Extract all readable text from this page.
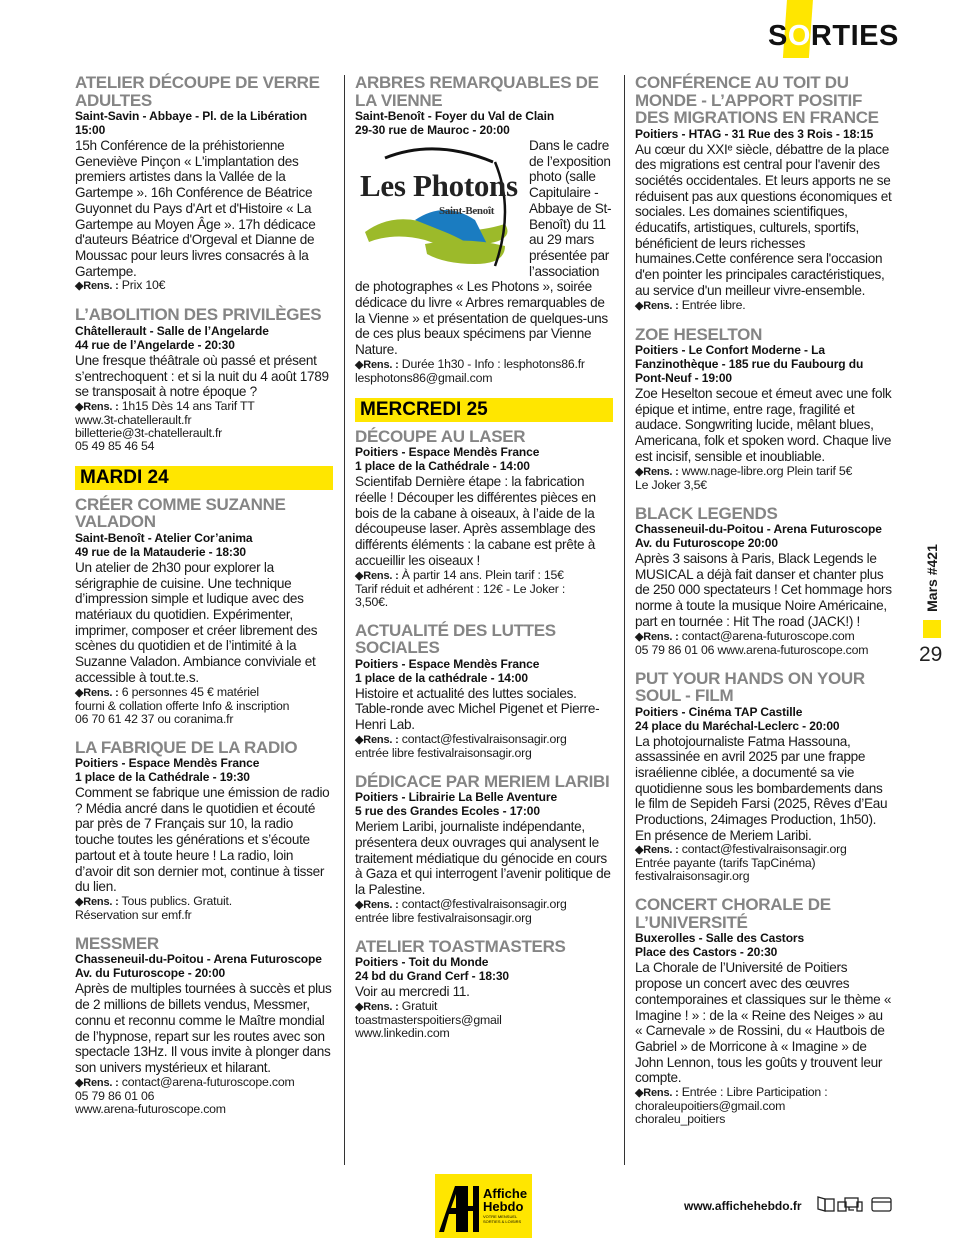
SORTIES
ATELIER DÉCOUPE DE VERRE ADULTES
Saint-Savin - Abbaye - Pl. de la Libération
15:00
15h Conférence de la préhistorienne Geneviève Pinçon « L'implantation des premiers artistes dans la Vallée de la Gartempe ». 16h Conférence de Béatrice Guyonnet du Pays d'Art et d'Histoire « La Gartempe au Moyen Âge ». 17h dédicace d'auteurs Béatrice d'Orgeval et Dianne de Moussac pour leurs livres consacrés à la Gartempe.
◆Rens. : Prix 10€
L’ABOLITION DES PRIVILÈGES
Châtellerault - Salle de l’Angelarde
44 rue de l’Angelarde - 20:30
Une fresque théâtrale où passé et présent s’entrechoquent : et si la nuit du 4 août 1789 se transposait à notre époque ?
◆Rens. : 1h15 Dès 14 ans Tarif TT
www.3t-chatellerault.fr
billetterie@3t-chatellerault.fr
05 49 85 46 54
MARDI 24
CRÉER COMME SUZANNE VALADON
Saint-Benoît - Atelier Cor’anima
49 rue de la Matauderie - 18:30
Un atelier de 2h30 pour explorer la sérigraphie de cuisine. Une technique d’impression simple et ludique avec des matériaux du quotidien. Expérimenter, imprimer, composer et créer librement des scènes du quotidien et de l’intimité à la Suzanne Valadon. Ambiance conviviale et accessible à tout.te.s.
◆Rens. : 6 personnes 45 € matériel
fourni & collation offerte Info & inscription
06 70 61 42 37 ou coranima.fr
LA FABRIQUE DE LA RADIO
Poitiers - Espace Mendès France
1 place de la Cathédrale - 19:30
Comment se fabrique une émission de radio ? Média ancré dans le quotidien et écouté par près de 7 Français sur 10, la radio touche toutes les générations et s’écoute partout et à toute heure ! La radio, loin d’avoir dit son dernier mot, continue à tisser du lien.
◆Rens. : Tous publics. Gratuit.
Réservation sur emf.fr
MESSMER
Chasseneuil-du-Poitou - Arena Futuroscope
Av. du Futuroscope - 20:00
Après de multiples tournées à succès et plus de 2 millions de billets vendus, Messmer, connu et reconnu comme le Maître mondial de l’hypnose, repart sur les routes avec son spectacle 13Hz. Il vous invite à plonger dans son univers mystérieux et hilarant.
◆Rens. : contact@arena-futuroscope.com
05 79 86 01 06
www.arena-futuroscope.com
ARBRES REMARQUABLES DE LA VIENNE
Saint-Benoît - Foyer du Val de Clain
29-30 rue de Mauroc - 20:00
Les Photons
Saint-Benoît
Dans le cadre de l’exposition photo (salle Capitulaire - Abbaye de St-Benoît) du 11 au 29 mars présentée par l’association de photographes « Les Photons », soirée dédicace du livre « Arbres remarquables de la Vienne » et présentation de quelques-uns de ces plus beaux spécimens par Vienne Nature.
◆Rens. : Durée 1h30 - Info : lesphotons86.fr
lesphotons86@gmail.com
MERCREDI 25
DÉCOUPE AU LASER
Poitiers - Espace Mendès France
1 place de la Cathédrale - 14:00
Scientifab Dernière étape : la fabrication réelle ! Découper les différentes pièces en bois de la cabane à oiseaux, à l’aide de la découpeuse laser. Après assemblage des différents éléments : la cabane est prête à accueillir les oiseaux !
◆Rens. : À partir 14 ans. Plein tarif : 15€
Tarif réduit et adhérent : 12€ - Le Joker :
3,50€.
ACTUALITÉ DES LUTTES SOCIALES
Poitiers - Espace Mendès France
1 place de la cathédrale - 14:00
Histoire et actualité des luttes sociales. Table-ronde avec Michel Pigenet et Pierre-Henri Lab.
◆Rens. : contact@festivalraisonsagir.org
entrée libre festivalraisonsagir.org
DÉDICACE PAR MERIEM LARIBI
Poitiers - Librairie La Belle Aventure
5 rue des Grandes Ecoles - 17:00
Meriem Laribi, journaliste indépendante, présentera deux ouvrages qui analysent le traitement médiatique du génocide en cours à Gaza et qui interrogent l’avenir politique de la Palestine.
◆Rens. : contact@festivalraisonsagir.org
entrée libre festivalraisonsagir.org
ATELIER TOASTMASTERS
Poitiers - Toit du Monde
24 bd du Grand Cerf - 18:30
Voir au mercredi 11.
◆Rens. : Gratuit
toastmasterspoitiers@gmail
www.linkedin.com
CONFÉRENCE AU TOIT DU MONDE - L’APPORT POSITIF DES MIGRATIONS EN FRANCE
Poitiers - HTAG - 31 Rue des 3 Rois - 18:15
Au cœur du XXIᵉ siècle, débattre de la place des migrations est central pour l'avenir des sociétés occidentales. Et leurs apports ne se réduisent pas aux questions économiques et sociales. Les domaines scientifiques, éducatifs, artistiques, culturels, sportifs, bénéficient de leurs richesses humaines.Cette conférence sera l'occasion d'en pointer les principales caractéristiques, au service d'un meilleur vivre-ensemble.
◆Rens. : Entrée libre.
ZOE HESELTON
Poitiers - Le Confort Moderne - La Fanzinothèque - 185 rue du Faubourg du Pont-Neuf - 19:00
Zoe Heselton secoue et émeut avec une folk épique et intime, entre rage, fragilité et audace. Songwriting lucide, mêlant blues, Americana, folk et spoken word. Chaque live est incisif, sensible et inoubliable.
◆Rens. : www.nage-libre.org Plein tarif 5€
Le Joker 3,5€
BLACK LEGENDS
Chasseneuil-du-Poitou - Arena Futuroscope
Av. du Futuroscope 20:00
Après 3 saisons à Paris, Black Legends le MUSICAL a déjà fait danser et chanter plus de 250 000 spectateurs ! Cet hommage hors norme à toute la musique Noire Américaine, part en tournée : Hit The road (JACK!) !
◆Rens. : contact@arena-futuroscope.com
05 79 86 01 06 www.arena-futuroscope.com
PUT YOUR HANDS ON YOUR SOUL - FILM
Poitiers - Cinéma TAP Castille
24 place du Maréchal-Leclerc - 20:00
La photojournaliste Fatma Hassouna, assassinée en avril 2025 par une frappe israélienne ciblée, a documenté sa vie quotidienne sous les bombardements dans le film de Sepideh Farsi (2025, Rêves d’Eau Productions, 24images Production, 1h50). En présence de Meriem Laribi.
◆Rens. : contact@festivalraisonsagir.org
Entrée payante (tarifs TapCinéma)
festivalraisonsagir.org
CONCERT CHORALE DE L’UNIVERSITÉ
Buxerolles - Salle des Castors
Place des Castors - 20:30
La Chorale de l’Université de Poitiers propose un concert avec des œuvres contemporaines et classiques sur le thème « Imagine ! » : de la « Reine des Neiges » au « Carnevale » de Rossini, du « Hautbois de Gabriel » de Morricone à « Imagine » de John Lennon, tous les goûts y trouvent leur compte.
◆Rens. : Entrée : Libre Participation :
choraleupoitiers@gmail.com
choraleu_poitiers
Mars #421
29
Affiche
Hebdo
VOTRE MENSUEL
SORTIES & LOISIRS
www.affichehebdo.fr
